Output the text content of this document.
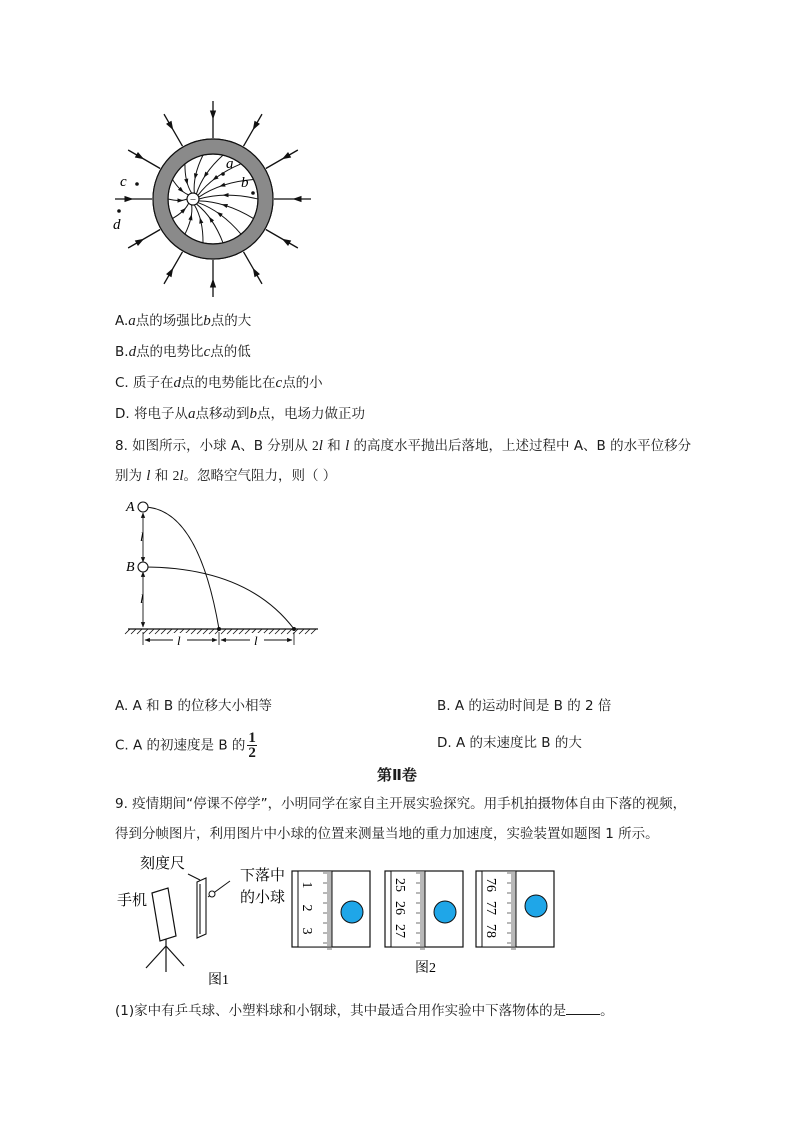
−
a
b
c
d
A.a点的场强比b点的大
B.d点的电势比c点的低
C. 质子在d点的电势能比在c点的小
D. 将电子从a点移动到b点，电场力做正功
8. 如图所示，小球 A、B 分别从 2l 和 l 的高度水平抛出后落地，上述过程中 A、B 的水平位移分
别为 l 和 2l。忽略空气阻力，则（ ）
l
l
A
B
l	l
A. A 和 B 的位移大小相等	B. A 的运动时间是 B 的 2 倍
C. A 的初速度是 B 的 $\frac{1}{2}$	D. A 的末速度比 B 的大
第Ⅱ卷
9. 疫情期间“停课不停学”，小明同学在家自主开展实验探究。用手机拍摄物体自由下落的视频，
得到分帧图片，利用图片中小球的位置来测量当地的重力加速度，实验装置如题图 1 所示。
刻度尺
手机
下落中
的小球
图1
1
2
3
25
26
27
76
77
78
图2
(1)家中有乒乓球、小塑料球和小钢球，其中最适合用作实验中下落物体的是	。
